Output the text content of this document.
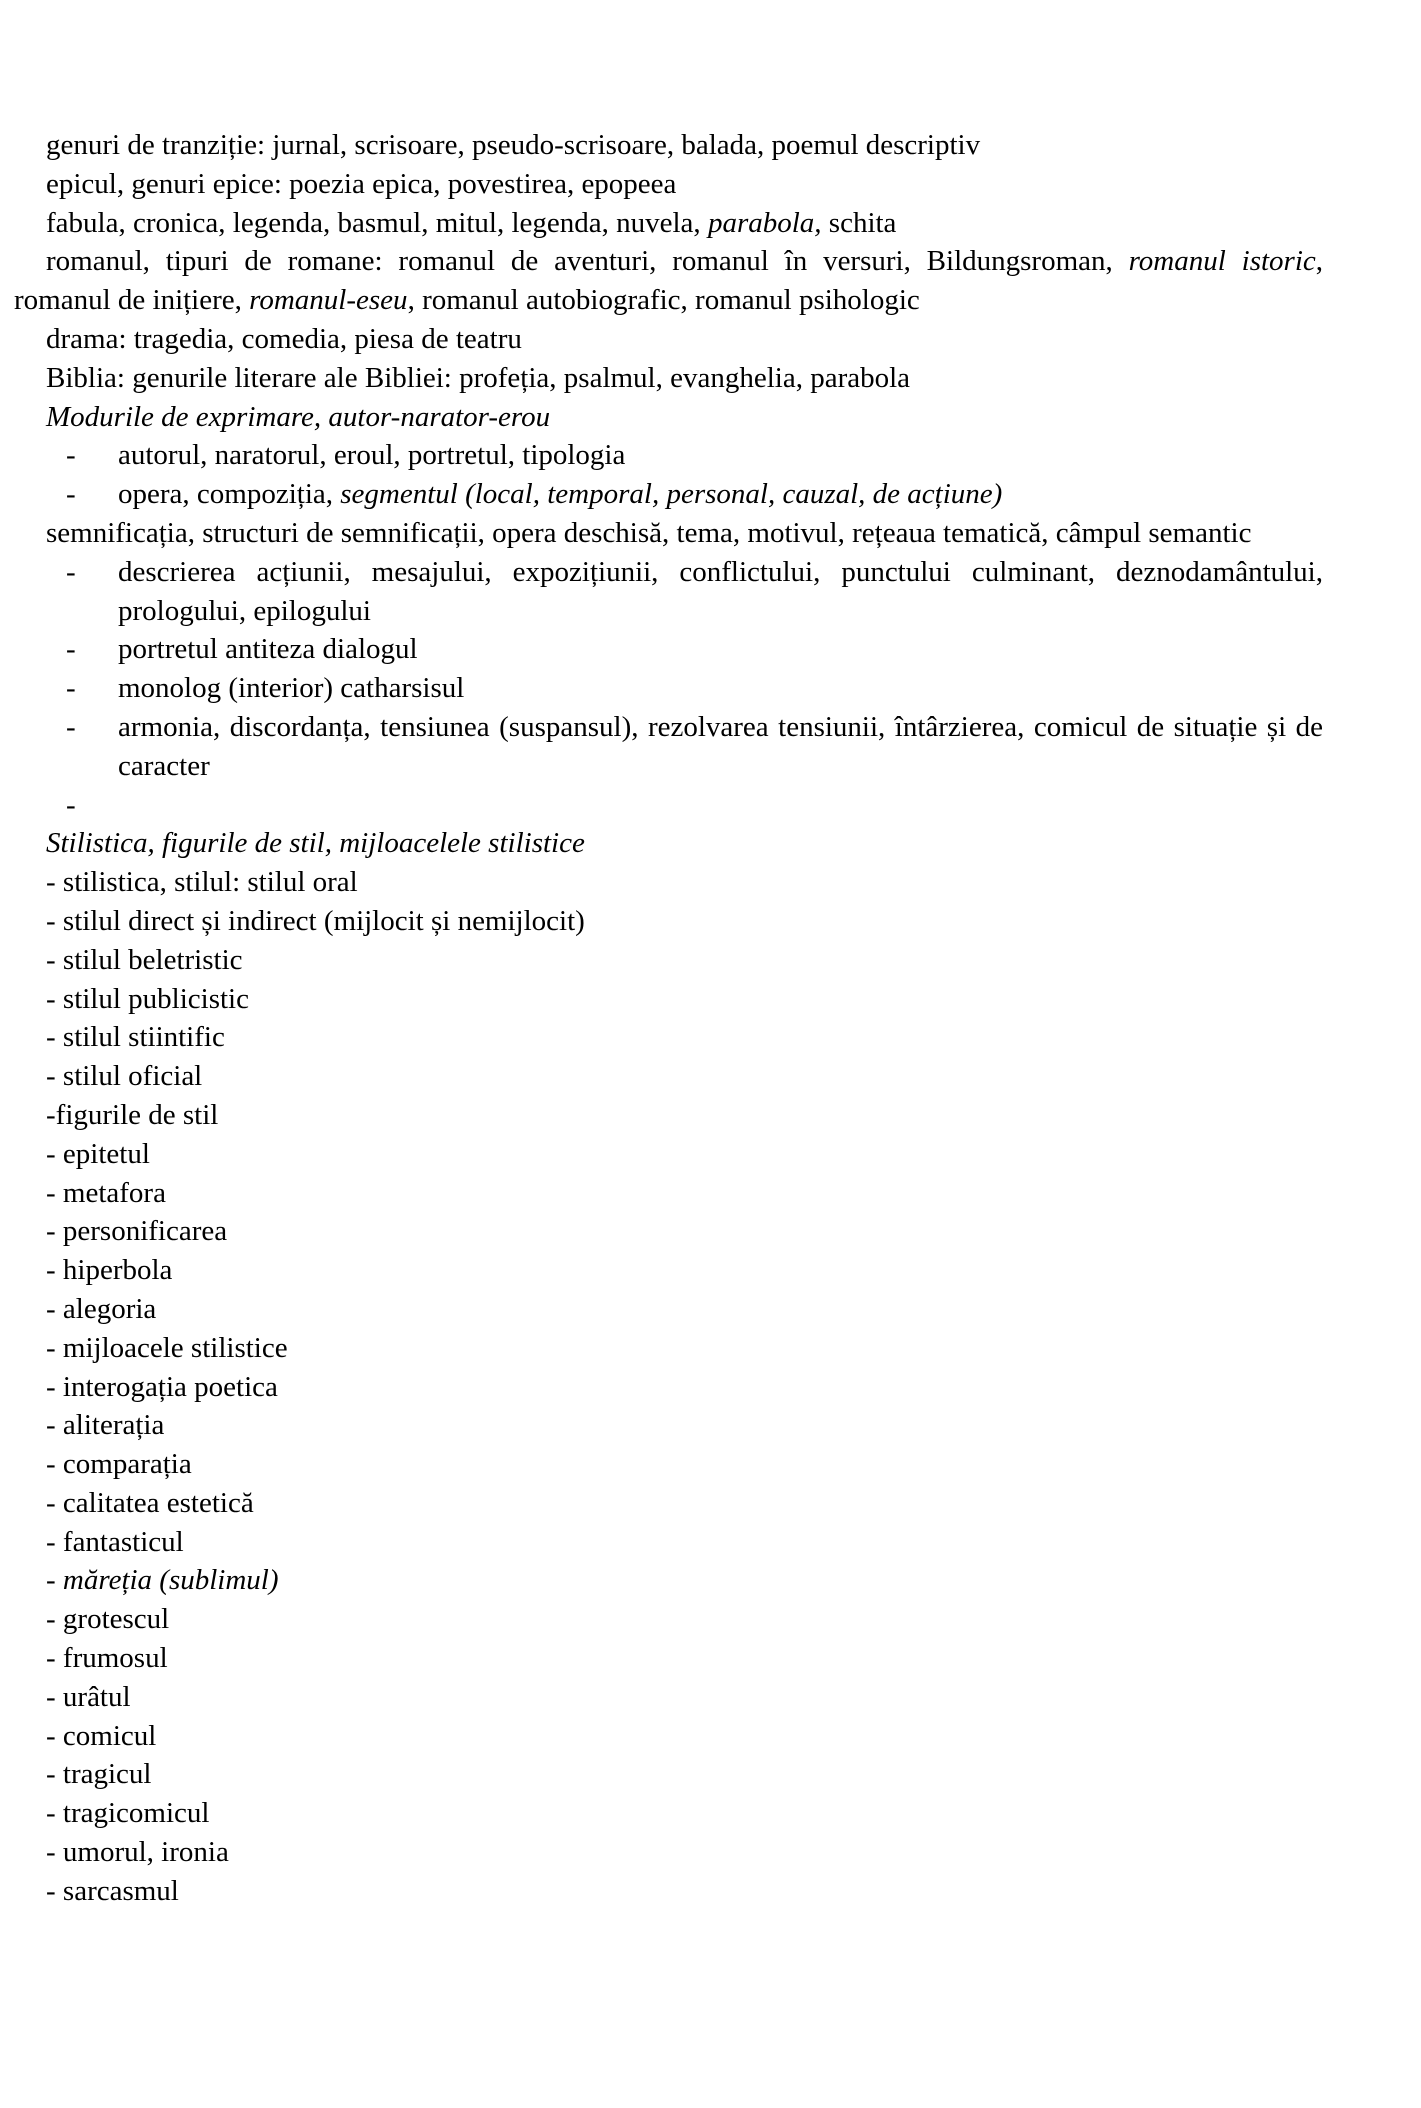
genuri de tranziție: jurnal, scrisoare, pseudo-scrisoare, balada, poemul descriptiv

epicul, genuri epice: poezia epica, povestirea, epopeea

fabula, cronica, legenda, basmul, mitul, legenda, nuvela, parabola, schita

romanul, tipuri de romane: romanul de aventuri, romanul în versuri, Bildungsroman, romanul istoric, romanul de inițiere, romanul-eseu, romanul autobiografic, romanul psihologic

drama: tragedia, comedia, piesa de teatru

Biblia: genurile literare ale Bibliei: profeția, psalmul, evanghelia, parabola

Modurile de exprimare, autor-narator-erou

-	autorul, naratorul, eroul, portretul, tipologia
-	opera, compoziția, segmentul (local, temporal, personal, cauzal, de acțiune)

semnificația, structuri de semnificații, opera deschisă, tema, motivul, rețeaua tematică, câmpul semantic

-	descrierea acțiunii, mesajului, expozițiunii, conflictului, punctului culminant, deznodamântului, prologului, epilogului
-	portretul antiteza dialogul
-	monolog (interior) catharsisul
-	armonia, discordanța, tensiunea (suspansul), rezolvarea tensiunii, întârzierea, comicul de situație și de caracter
-

Stilistica, figurile de stil, mijloacelele stilistice

- stilistica, stilul: stilul oral

- stilul direct și indirect (mijlocit și nemijlocit)

- stilul beletristic

- stilul publicistic

- stilul stiintific

- stilul oficial

-figurile de stil

- epitetul

- metafora

- personificarea

- hiperbola

- alegoria

- mijloacele stilistice

- interogația poetica

- aliterația

- comparația

- calitatea estetică

- fantasticul

- măreția (sublimul)

- grotescul

- frumosul

- urâtul

- comicul

- tragicul

- tragicomicul

- umorul, ironia

- sarcasmul
